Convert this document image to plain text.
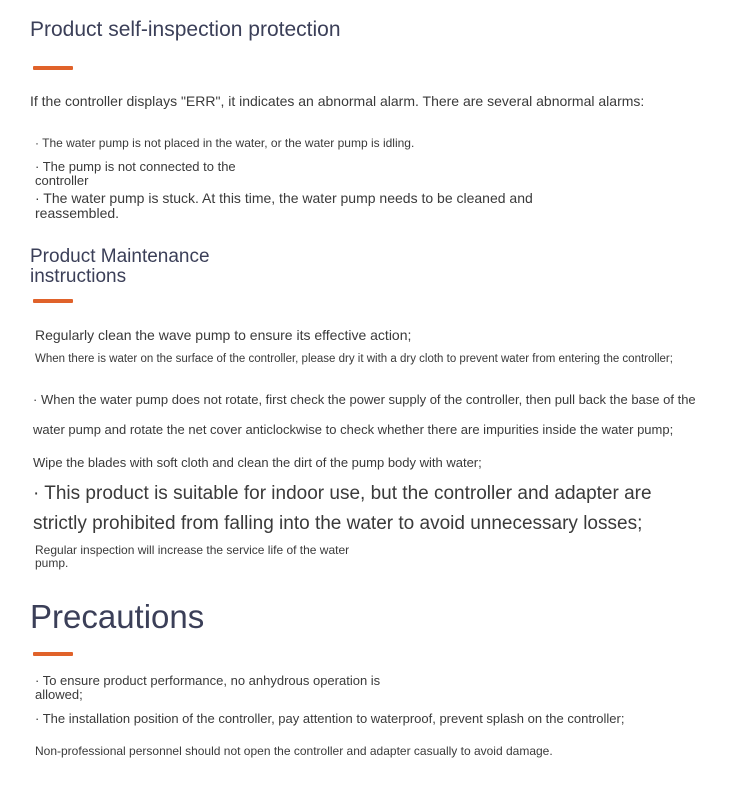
Product self-inspection protection

If the controller displays "ERR", it indicates an abnormal alarm. There are several abnormal alarms:

· The water pump is not placed in the water, or the water pump is idling.

· The pump is not connected to the controller

· The water pump is stuck. At this time, the water pump needs to be cleaned and reassembled.

Product Maintenance instructions

Regularly clean the wave pump to ensure its effective action;

When there is water on the surface of the controller, please dry it with a dry cloth to prevent water from entering the controller;

· When the water pump does not rotate, first check the power supply of the controller, then pull back the base of the

water pump and rotate the net cover anticlockwise to check whether there are impurities inside the water pump;

Wipe the blades with soft cloth and clean the dirt of the pump body with water;

· This product is suitable for indoor use, but the controller and adapter are

strictly prohibited from falling into the water to avoid unnecessary losses;

Regular inspection will increase the service life of the water pump.

Precautions

· To ensure product performance, no anhydrous operation is allowed;

· The installation position of the controller, pay attention to waterproof, prevent splash on the controller;

Non-professional personnel should not open the controller and adapter casually to avoid damage.
